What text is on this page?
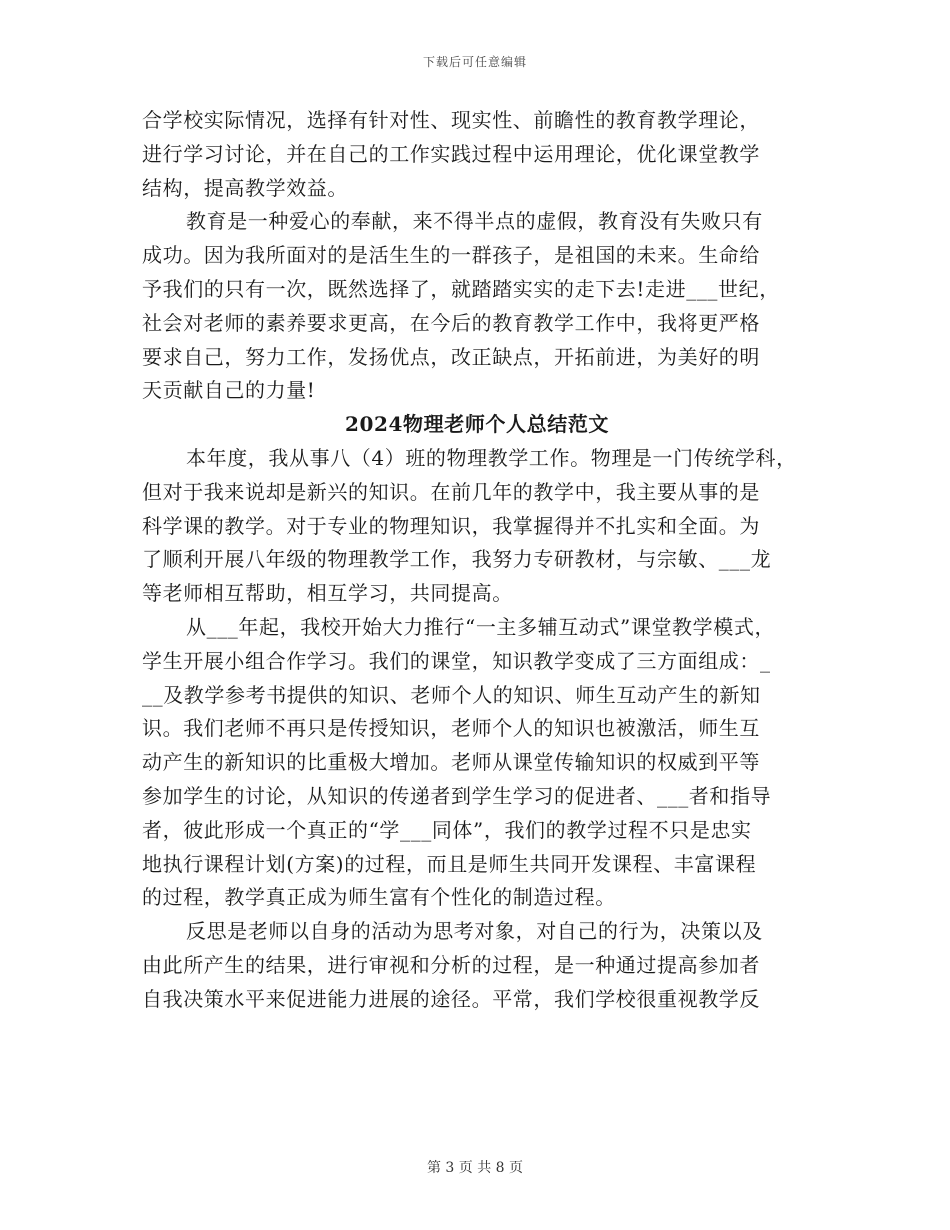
下载后可任意编辑
合学校实际情况，选择有针对性、现实性、前瞻性的教育教学理论，
进行学习讨论，并在自己的工作实践过程中运用理论，优化课堂教学
结构，提高教学效益。
教育是一种爱心的奉献，来不得半点的虚假，教育没有失败只有
成功。因为我所面对的是活生生的一群孩子，是祖国的未来。生命给
予我们的只有一次，既然选择了，就踏踏实实的走下去!走进___世纪，
社会对老师的素养要求更高，在今后的教育教学工作中，我将更严格
要求自己，努力工作，发扬优点，改正缺点，开拓前进，为美好的明
天贡献自己的力量!
2024物理老师个人总结范文
本年度，我从事八（4）班的物理教学工作。物理是一门传统学科，
但对于我来说却是新兴的知识。在前几年的教学中，我主要从事的是
科学课的教学。对于专业的物理知识，我掌握得并不扎实和全面。为
了顺利开展八年级的物理教学工作，我努力专研教材，与宗敏、___龙
等老师相互帮助，相互学习，共同提高。
从___年起，我校开始大力推行“一主多辅互动式”课堂教学模式，
学生开展小组合作学习。我们的课堂，知识教学变成了三方面组成：_
__及教学参考书提供的知识、老师个人的知识、师生互动产生的新知
识。我们老师不再只是传授知识，老师个人的知识也被激活，师生互
动产生的新知识的比重极大增加。老师从课堂传输知识的权威到平等
参加学生的讨论，从知识的传递者到学生学习的促进者、___者和指导
者，彼此形成一个真正的“学___同体”，我们的教学过程不只是忠实
地执行课程计划(方案)的过程，而且是师生共同开发课程、丰富课程
的过程，教学真正成为师生富有个性化的制造过程。
反思是老师以自身的活动为思考对象，对自己的行为，决策以及
由此所产生的结果，进行审视和分析的过程，是一种通过提高参加者
自我决策水平来促进能力进展的途径。平常，我们学校很重视教学反
第 3 页 共 8 页
